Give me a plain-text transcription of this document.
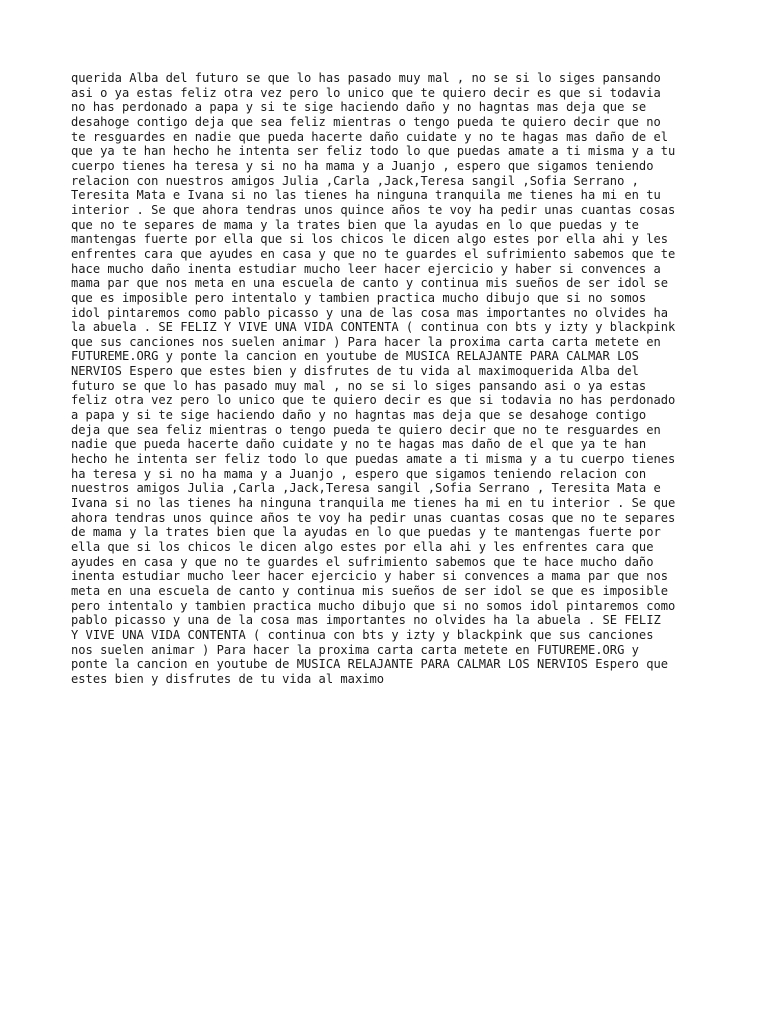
querida Alba del futuro se que lo has pasado muy mal , no se si lo siges pansando
asi o ya estas feliz otra vez pero lo unico que te quiero decir es que si todavia
no has perdonado a papa y si te sige haciendo daño y no hagntas mas deja que se
desahoge contigo deja que sea feliz mientras o tengo pueda te quiero decir que no
te resguardes en nadie que pueda hacerte daño cuidate y no te hagas mas daño de el
que ya te han hecho he intenta ser feliz todo lo que puedas amate a ti misma y a tu
cuerpo tienes ha teresa y si no ha mama y a Juanjo , espero que sigamos teniendo
relacion con nuestros amigos Julia ,Carla ,Jack,Teresa sangil ,Sofia Serrano ,
Teresita Mata e Ivana si no las tienes ha ninguna tranquila me tienes ha mi en tu
interior . Se que ahora tendras unos quince años te voy ha pedir unas cuantas cosas
que no te separes de mama y la trates bien que la ayudas en lo que puedas y te
mantengas fuerte por ella que si los chicos le dicen algo estes por ella ahi y les
enfrentes cara que ayudes en casa y que no te guardes el sufrimiento sabemos que te
hace mucho daño inenta estudiar mucho leer hacer ejercicio y haber si convences a
mama par que nos meta en una escuela de canto y continua mis sueños de ser idol se
que es imposible pero intentalo y tambien practica mucho dibujo que si no somos
idol pintaremos como pablo picasso y una de las cosa mas importantes no olvides ha
la abuela . SE FELIZ Y VIVE UNA VIDA CONTENTA ( continua con bts y izty y blackpink
que sus canciones nos suelen animar ) Para hacer la proxima carta carta metete en
FUTUREME.ORG y ponte la cancion en youtube de MUSICA RELAJANTE PARA CALMAR LOS
NERVIOS Espero que estes bien y disfrutes de tu vida al maximoquerida Alba del
futuro se que lo has pasado muy mal , no se si lo siges pansando asi o ya estas
feliz otra vez pero lo unico que te quiero decir es que si todavia no has perdonado
a papa y si te sige haciendo daño y no hagntas mas deja que se desahoge contigo
deja que sea feliz mientras o tengo pueda te quiero decir que no te resguardes en
nadie que pueda hacerte daño cuidate y no te hagas mas daño de el que ya te han
hecho he intenta ser feliz todo lo que puedas amate a ti misma y a tu cuerpo tienes
ha teresa y si no ha mama y a Juanjo , espero que sigamos teniendo relacion con
nuestros amigos Julia ,Carla ,Jack,Teresa sangil ,Sofia Serrano , Teresita Mata e
Ivana si no las tienes ha ninguna tranquila me tienes ha mi en tu interior . Se que
ahora tendras unos quince años te voy ha pedir unas cuantas cosas que no te separes
de mama y la trates bien que la ayudas en lo que puedas y te mantengas fuerte por
ella que si los chicos le dicen algo estes por ella ahi y les enfrentes cara que
ayudes en casa y que no te guardes el sufrimiento sabemos que te hace mucho daño
inenta estudiar mucho leer hacer ejercicio y haber si convences a mama par que nos
meta en una escuela de canto y continua mis sueños de ser idol se que es imposible
pero intentalo y tambien practica mucho dibujo que si no somos idol pintaremos como
pablo picasso y una de la cosa mas importantes no olvides ha la abuela . SE FELIZ
Y VIVE UNA VIDA CONTENTA ( continua con bts y izty y blackpink que sus canciones
nos suelen animar ) Para hacer la proxima carta carta metete en FUTUREME.ORG y
ponte la cancion en youtube de MUSICA RELAJANTE PARA CALMAR LOS NERVIOS Espero que
estes bien y disfrutes de tu vida al maximo
